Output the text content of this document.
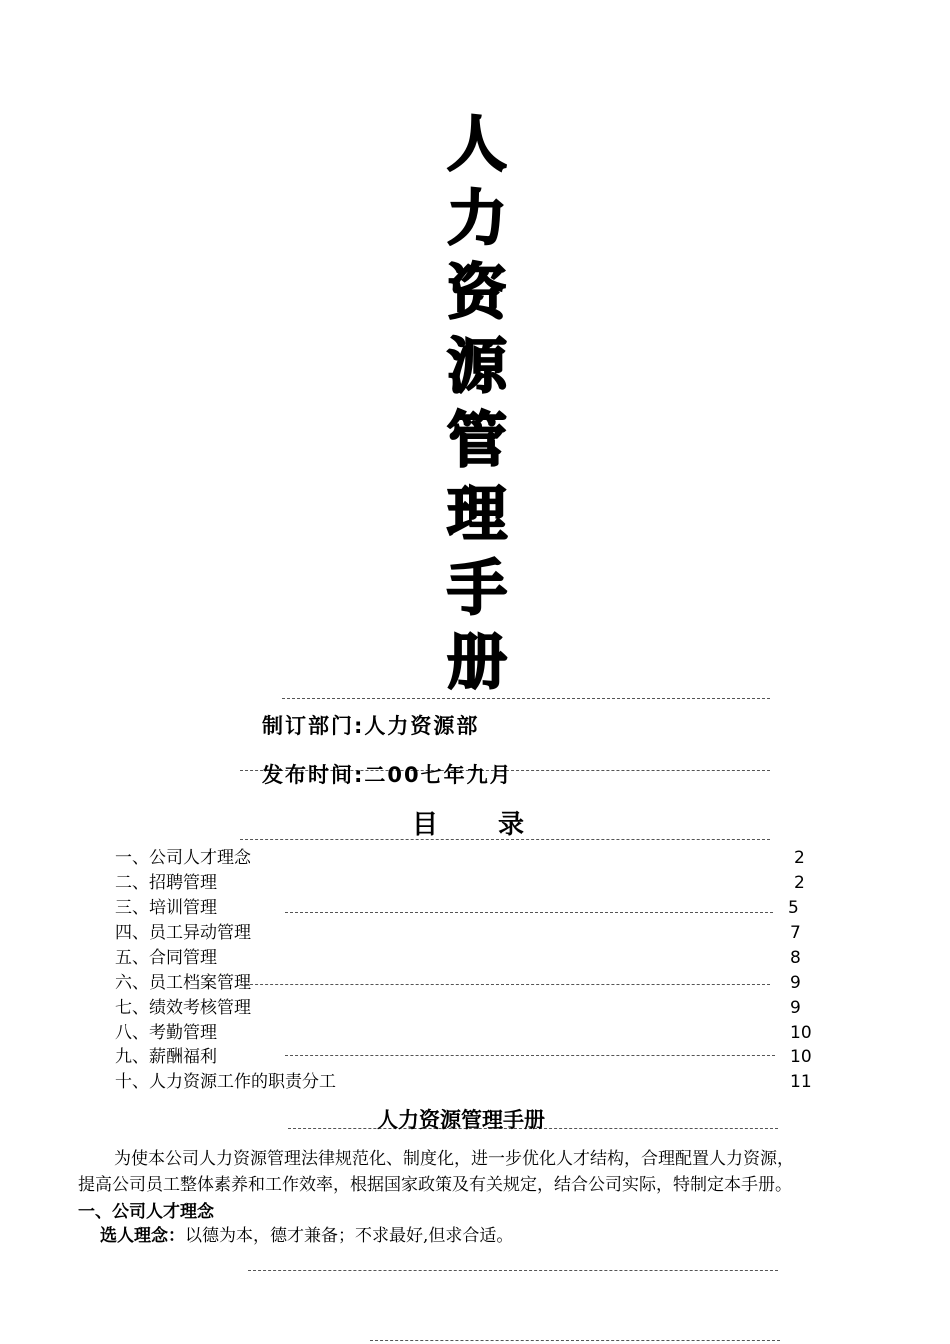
人
力
资
源
管
理
手
册
制订部门:人力资源部
发布时间:二00七年九月
目 录
一、公司人才理念	2
二、招聘管理	2
三、培训管理	5
四、员工异动管理	7
五、合同管理	8
六、员工档案管理	9
七、绩效考核管理	9
八、考勤管理	10
九、薪酬福利	10
十、人力资源工作的职责分工	11
人力资源管理手册
为使本公司人力资源管理法律规范化、制度化，进一步优化人才结构，合理配置人力资源，
提高公司员工整体素养和工作效率，根据国家政策及有关规定，结合公司实际，特制定本手册。
一、公司人才理念
选人理念：以德为本，德才兼备；不求最好,但求合适。
